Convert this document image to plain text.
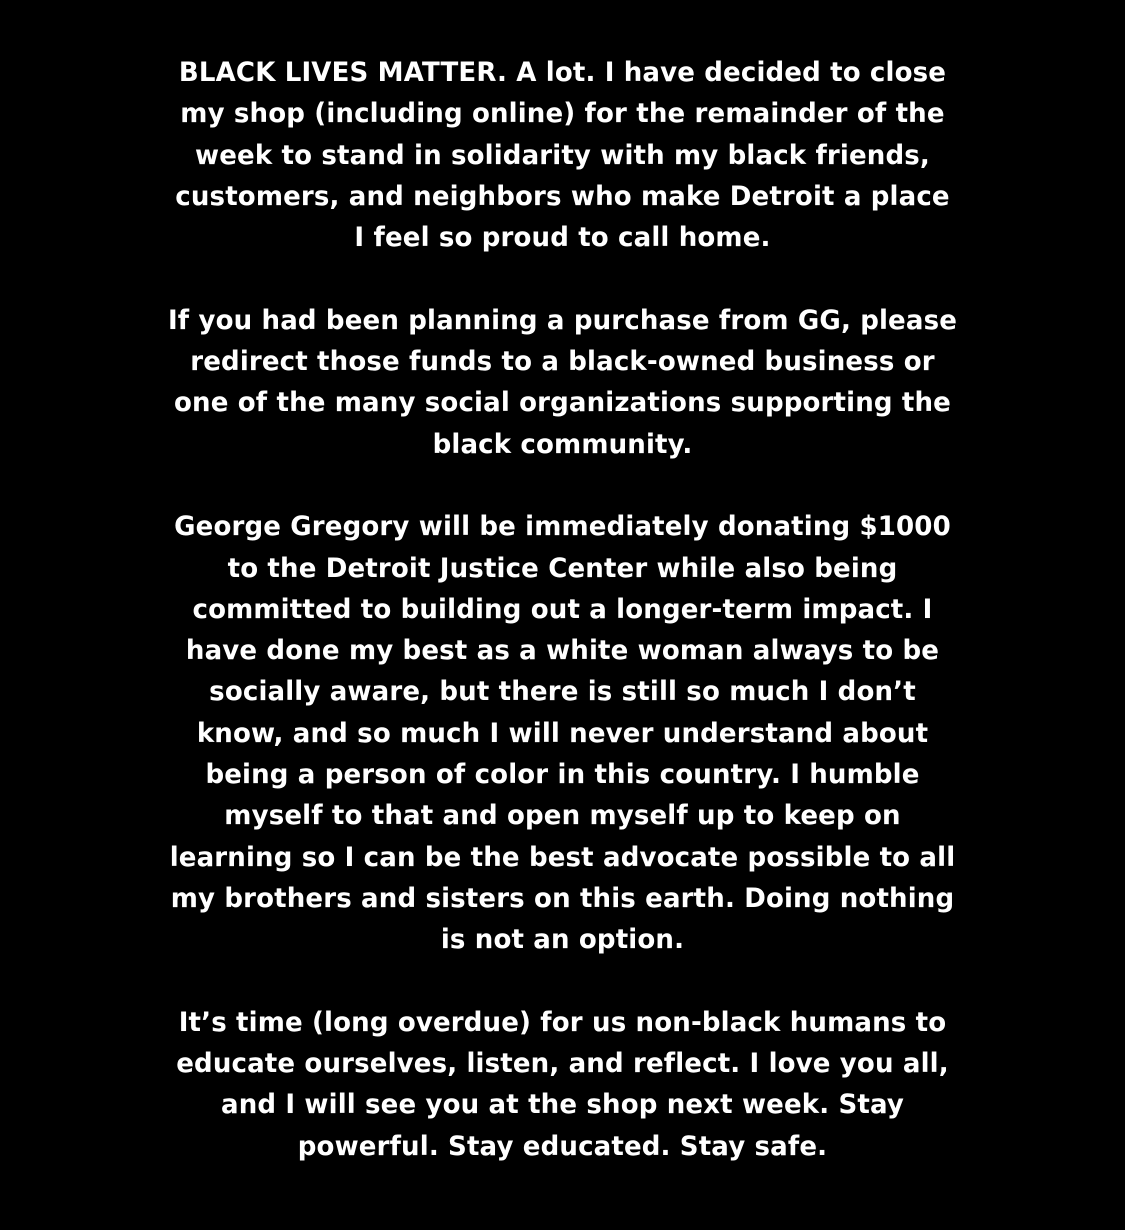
BLACK LIVES MATTER. A lot. I have decided to close
my shop (including online) for the remainder of the
week to stand in solidarity with my black friends,
customers, and neighbors who make Detroit a place
I feel so proud to call home.
If you had been planning a purchase from GG, please
redirect those funds to a black-owned business or
one of the many social organizations supporting the
black community.
George Gregory will be immediately donating $1000
to the Detroit Justice Center while also being
committed to building out a longer-term impact. I
have done my best as a white woman always to be
socially aware, but there is still so much I don’t
know, and so much I will never understand about
being a person of color in this country. I humble
myself to that and open myself up to keep on
learning so I can be the best advocate possible to all
my brothers and sisters on this earth. Doing nothing
is not an option.
It’s time (long overdue) for us non-black humans to
educate ourselves, listen, and reflect. I love you all,
and I will see you at the shop next week. Stay
powerful. Stay educated. Stay safe.
